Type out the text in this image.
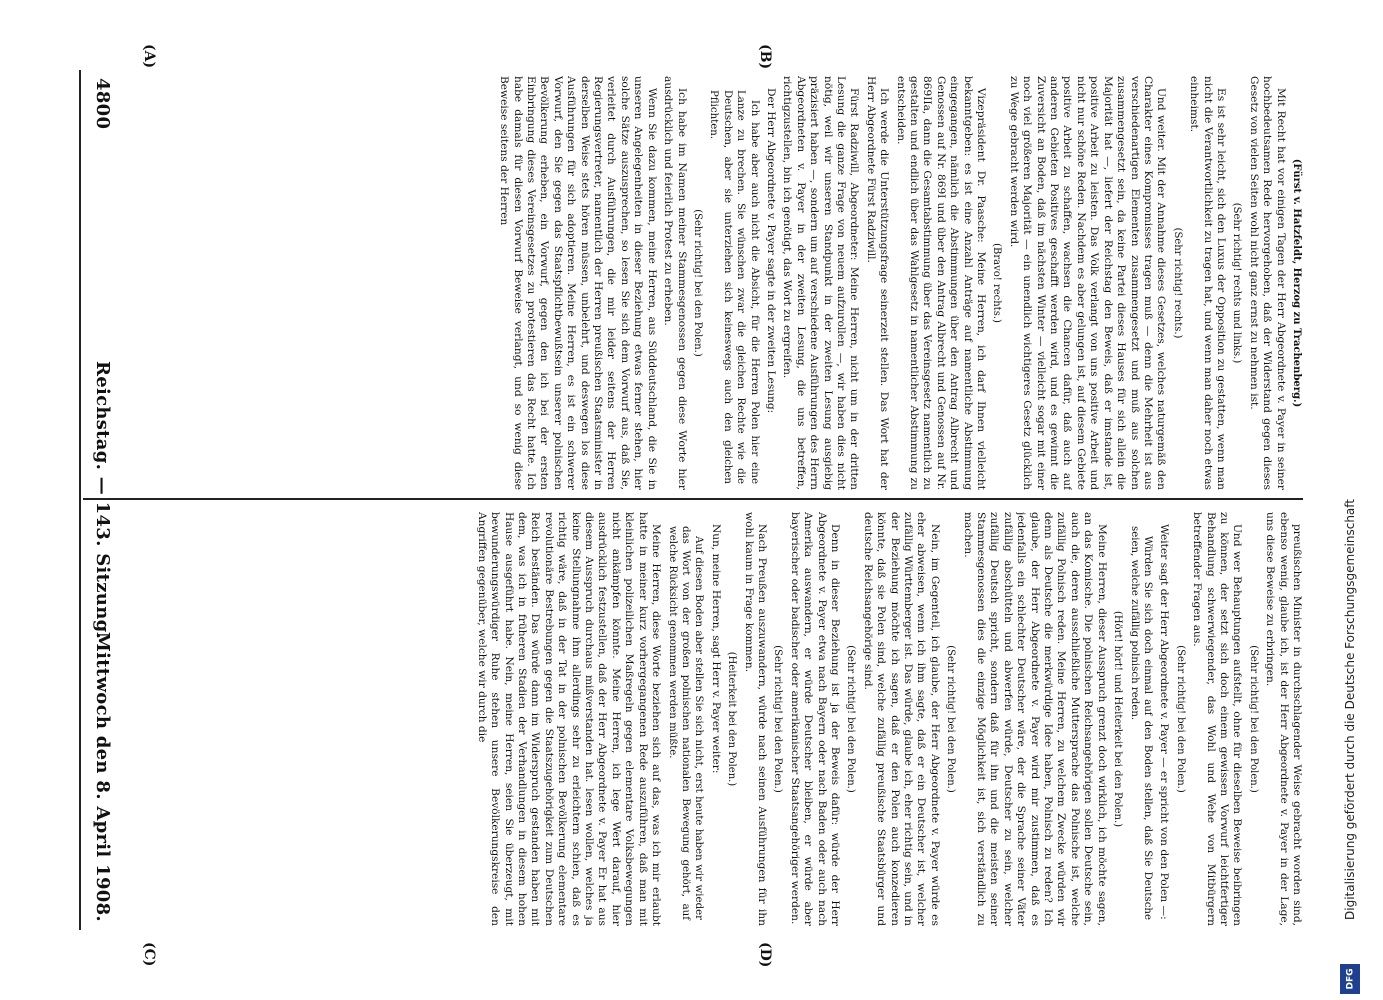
4800
Mittwoch den 8. April 1908.
(A)	(B)
(C)	(D)

(Fürst v. Hatzfeldt, Herzog zu Trachenberg.)

Mit Recht hat vor einigen Tagen der Herr Abgeordnete v. Payer in seiner hochbedeutsamen Rede hervorgehoben, daß der Widerstand gegen dieses Gesetz von vielen Seiten wohl nicht ganz ernst zu nehmen ist.

(Sehr richtig! rechts und links.)

Es ist sehr leicht, sich den Luxus der Opposition zu gestatten, wenn man nicht die Verantwortlichkeit zu tragen hat, und wenn man daher noch etwas einheimst.

(Sehr richtig! rechts.)

Und weiter. Mit der Annahme dieses Gesetzes, welches naturgemäß den Charakter eines Kompromisses tragen muß — denn die Mehrheit ist aus verschiedenartigen Elementen zusammengesetzt und muß aus solchen zusammengesetzt sein, da keine Partei dieses Hauses für sich allein die Majorität hat —, liefert der Reichstag den Beweis, daß er imstande ist, positive Arbeit zu leisten. Das Volk verlangt von uns positive Arbeit und nicht nur schöne Reden. Nachdem es aber gelungen ist, auf diesem Gebiete positive Arbeit zu schaffen, wachsen die Chancen dafür, daß auch auf anderen Gebieten Positives geschafft werden wird, und es gewinnt die Zuversicht an Boden, daß im nächsten Winter — vielleicht sogar mit einer noch viel größeren Majorität — ein unendlich wichtigeres Gesetz glücklich zu Wege gebracht werden wird.

(Bravo! rechts.)

Vizepräsident Dr. Paasche: Meine Herren, ich darf Ihnen vielleicht bekanntgeben: es ist eine Anzahl Anträge auf namentliche Abstimmung eingegangen, nämlich die Abstimmungen über den Antrag Albrecht und Genossen auf Nr. 869I und über den Antrag Albrecht und Genossen auf Nr. 869IIa, dann die Gesamtabstimmung über das Vereinsgesetz namentlich zu gestalten und endlich über das Wahlgesetz in namentlicher Abstimmung zu entscheiden.

Ich werde die Unterstützungsfrage seinerzeit stellen. Das Wort hat der Herr Abgeordnete Fürst Radziwill.

Fürst Radziwill, Abgeordneter: Meine Herren, nicht um in der dritten Lesung die ganze Frage von neuem aufzurollen —, wir haben dies nicht nötig, weil wir unseren Standpunkt in der zweiten Lesung ausgiebig präzisiert haben —, sondern um auf verschiedene Ausführungen des Herrn Abgeordneten v. Payer in der zweiten Lesung, die uns betreffen, richtigzustellen, bin ich genötigt, das Wort zu ergreifen.

Der Herr Abgeordnete v. Payer sagte in der zweiten Lesung:

Ich habe aber auch nicht die Absicht, für die Herren Polen hier eine Lanze zu brechen. Sie wünschen zwar die gleichen Rechte wie die Deutschen, aber sie unterziehen sich keineswegs auch den gleichen Pflichten.

(Sehr richtig! bei den Polen.)

Ich habe im Namen meiner Stammesgenossen gegen diese Worte hier ausdrücklich und feierlich Protest zu erheben.

Wenn Sie dazu kommen, meine Herren, aus Süddeutschland, die Sie in unseren Angelegenheiten in dieser Beziehung etwas ferner stehen, hier solche Sätze auszusprechen, so lesen Sie sich dem Vorwurf aus, daß Sie, verleitet durch Ausführungen, die mir leider seitens der Herren Regierungsvertreter, namentlich der Herren preußischen Staatsminister in derselben Weise stets hören müssen, unbelehrt, und deswegen los diese Ausführungen für sich adoptieren. Meine Herren, es ist ein schwerer Vorwurf, den Sie gegen das Staatspflichtbewußtsein unserer polnischen Bevölkerung erheben, ein Vorwurf, gegen den ich bei der ersten Einbringung dieses Vereinsgesetzes zu protestieren das Recht hatte. Ich habe damals für diesen Vorwurf Beweise verlangt, und so wenig diese Beweise seitens der Herren

preußischen Minister in durchschlagender Weise gebracht worden sind, ebenso wenig, glaube ich, ist der Herr Abgeordnete v. Payer in der Lage, uns diese Beweise zu erbringen.

(Sehr richtig! bei den Polen.)

Und wer Behauptungen aufstellt, ohne für dieselben Beweise beibringen zu können, der setzt sich doch einem gewissen Vorwurf leichtfertiger Behandlung schwerwiegender, das Wohl und Wehe von Mitbürgern betreffender Fragen aus.

(Sehr richtig! bei den Polen.)

Weiter sagt der Herr Abgeordnete v. Payer — er spricht von den Polen —:

Würden Sie sich doch einmal auf den Boden stellen, daß Sie Deutsche seien, welche zufällig polnisch reden.

(Hört! hört! und Heiterkeit bei den Polen.)

Meine Herren, dieser Ausspruch grenzt doch wirklich, ich möchte sagen, an das Komische. Die polnischen Reichsangehörigen sollen Deutsche sein, auch die, deren ausschließliche Muttersprache das Polnische ist, welche zufällig Polnisch reden. Meine Herren, zu welchem Zwecke würden wir denn als Deutsche die merkwürdige Idee haben, Polnisch zu reden? Ich glaube, der Herr Abgeordnete v. Payer wird mir zustimmen, daß es jedenfalls ein schlechter Deutscher wäre, der die Sprache seiner Väter zufällig abschütteln und abwerfen würde, Deutscher zu sein, welcher zufällig Deutsch spricht, sondern daß für ihn und die meisten seiner Stammesgenossen dies die einzige Möglichkeit ist, sich verständlich zu machen.

(Sehr richtig! bei den Polen.)

Nein, im Gegenteil, ich glaube, der Herr Abgeordnete v. Payer würde es eher abweisen, wenn ich ihm sagte, daß er ein Deutscher ist, welcher zufällig Württemberger ist. Das würde, glaube ich, eher richtig sein, und in der Beziehung möchte ich sagen, daß er den Polen auch konzedieren könnte, daß sie Polen sind, welche zufällig preußische Staatsbürger und deutsche Reichsangehörige sind.

(Sehr richtig! bei den Polen.)

Denn in dieser Beziehung ist ja der Beweis dafür: würde der Herr Abgeordnete v. Payer etwa nach Bayern oder nach Baden oder auch nach Amerika auswandern, er würde Deutscher bleiben, er würde aber bayerischer oder badischer oder amerikanischer Staatsangehöriger werden.

(Sehr richtig! bei den Polen.)

Nach Preußen auszuwandern, würde nach seinen Ausführungen für ihn wohl kaum in Frage kommen.

(Heiterkeit bei den Polen.)

Nun, meine Herren, sagt Herr v. Payer weiter:

Auf diesen Boden aber stellen Sie sich nicht, erst heute haben wir wieder das Wort von der großen polnischen nationalen Bewegung gehört, auf welche Rücksicht genommen werden müßte.

Meine Herren, diese Worte beziehen sich auf das, was ich mir erlaubt hatte in meiner kurz vorhergegangenen Rede auszuführen, daß man mit kleinlichen polizeilichen Maßregeln gegen elementare Volksbewegungen nicht ankämpfen könnte. Meine Herren, ich lege Wert darauf, hier ausdrücklich festzustellen, daß der Herr Abgeordnete v. Payer Er hat aus diesem Ausspruch durchaus mißverstanden hat. lesen wollen, welches ja keine Stellungnahme ihm allerdings sehr zu erleichtern schien, daß es richtig wäre, daß in der Tat in der polnischen Bevölkerung elementare revolutionäre Bestrebungen gegen die Staatszugehörigkeit zum Deutschen Reich beständen. Das würde dann im Widerspruch gestanden haben mit dem, was ich in früheren Stadien der Verhandlungen in diesem hohen Hause ausgeführt habe. Nein, meine Herren, seien Sie überzeugt, mit bewunderungswürdiger Ruhe stehen unsere Bevölkerungskreise den Angriffen gegenüber, welche wir durch die	Digitalisierung gefördert durch die Deutsche Forschungsgemeinschaft
DFG
